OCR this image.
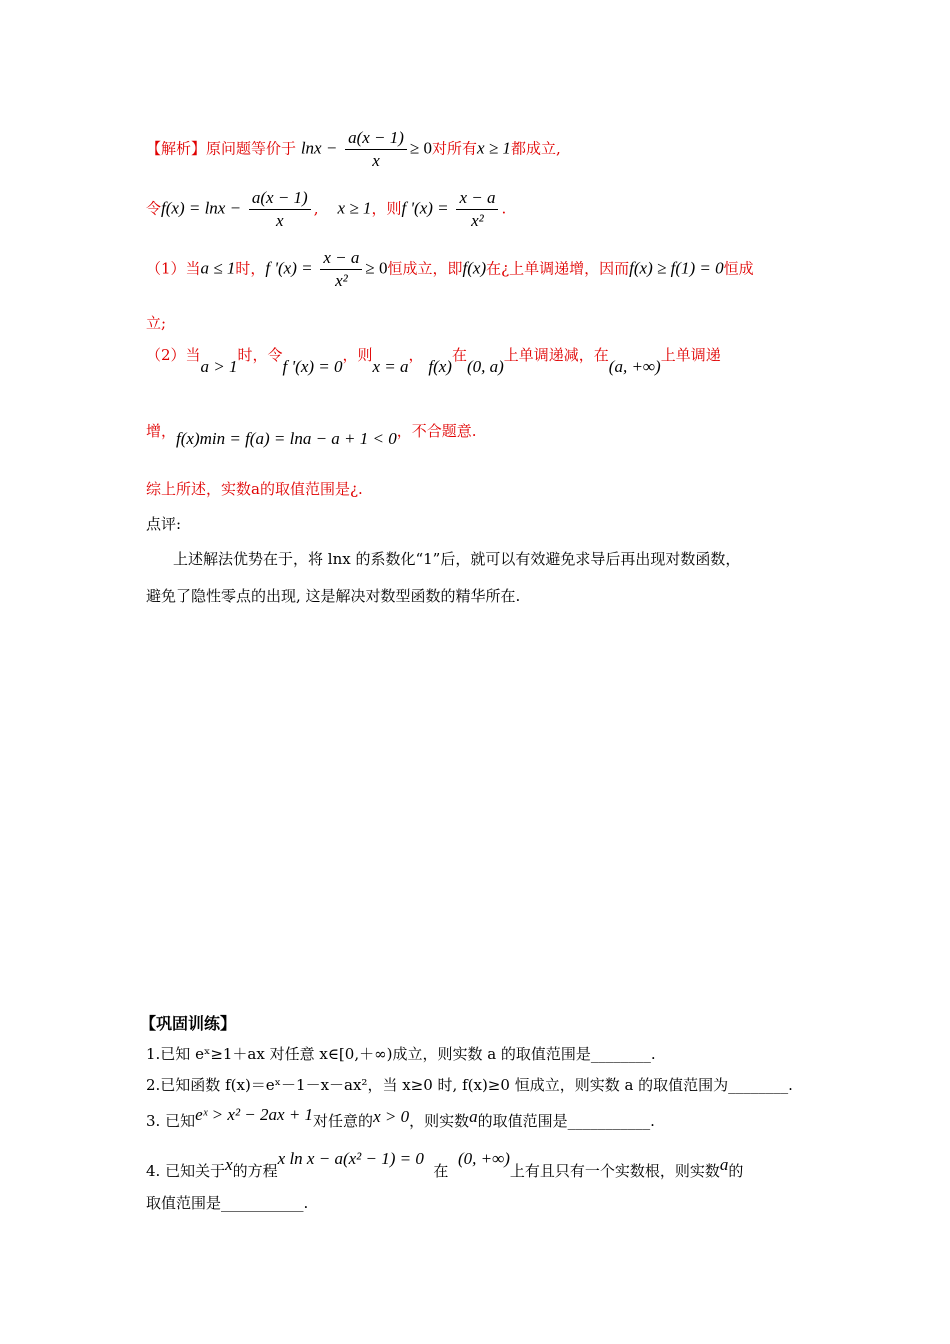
【解析】原问题等价于 $\ln x - \frac{a(x - 1)}{x} \ge 0$对所有x ≥ 1都成立,
令$f(x) = \ln x - \frac{a(x - 1)}{x}$ ,    x ≥ 1，则f '$(x) = \frac{x - a}{\text{x²}}$ .
（1）当a ≤ 1时，f '$(x) = \frac{x - a}{\text{x²}} \ge 0$恒成立，即f(x)在¿上单调递增，因而f(x) ≥ f(1) = 0恒成
立;
（2）当a > 1时，令f '(x) = 0，则x = a， f(x)在(0, a)上单调递减，在(a, +∞)上单调递
增，f(x)min = f(a) = lna − a + 1 < 0，不合题意.
综上所述，实数a的取值范围是¿.
点评:
上述解法优势在于，将 lnx 的系数化“1”后，就可以有效避免求导后再出现对数函数，
避免了隐性零点的出现, 这是解决对数型函数的精华所在.
【巩固训练】
1.已知 eˣ≥1＋ax 对任意 x∈[0,＋∞)成立，则实数 a 的取值范围是________.
2.已知函数 f(x)＝eˣ－1－x－ax²，当 x≥0 时, f(x)≥0 恒成立，则实数 a 的取值范围为________.
3. 已知eˣ > x² − 2ax + 1对任意的x > 0，则实数a的取值范围是___________.
4. 已知关于x的方程x ln x − a(x² − 1) = 0  在  (0, +∞)上有且只有一个实数根，则实数a的
取值范围是___________.
